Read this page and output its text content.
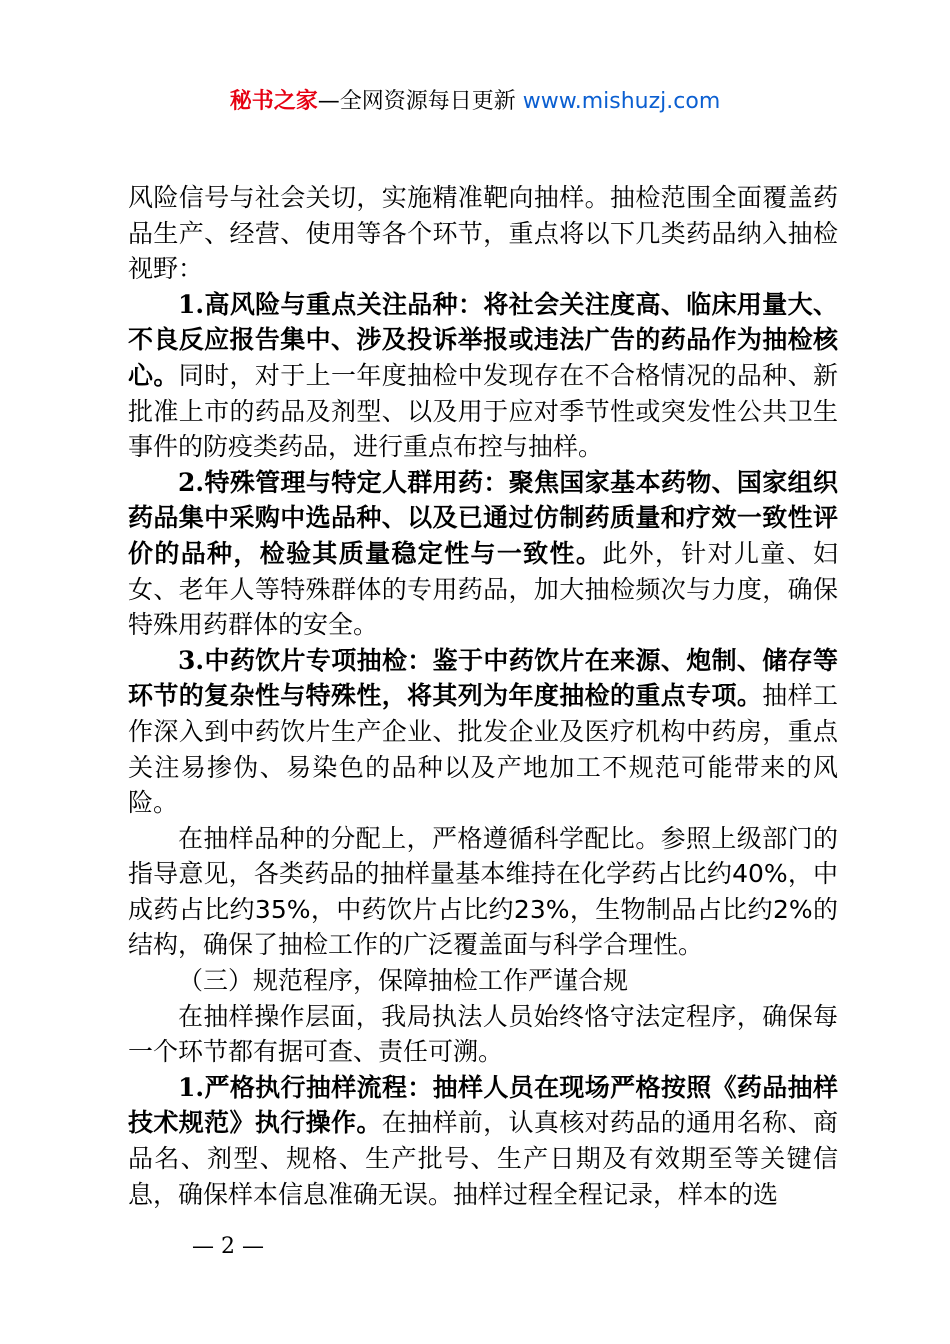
秘书之家—全网资源每日更新 www.mishuzj.com

风险信号与社会关切，实施精准靶向抽样。抽检范围全面覆盖药品生产、经营、使用等各个环节，重点将以下几类药品纳入抽检视野：

1.高风险与重点关注品种：将社会关注度高、临床用量大、不良反应报告集中、涉及投诉举报或违法广告的药品作为抽检核心。同时，对于上一年度抽检中发现存在不合格情况的品种、新批准上市的药品及剂型、以及用于应对季节性或突发性公共卫生事件的防疫类药品，进行重点布控与抽样。

2.特殊管理与特定人群用药：聚焦国家基本药物、国家组织药品集中采购中选品种、以及已通过仿制药质量和疗效一致性评价的品种，检验其质量稳定性与一致性。此外，针对儿童、妇女、老年人等特殊群体的专用药品，加大抽检频次与力度，确保特殊用药群体的安全。

3.中药饮片专项抽检：鉴于中药饮片在来源、炮制、储存等环节的复杂性与特殊性，将其列为年度抽检的重点专项。抽样工作深入到中药饮片生产企业、批发企业及医疗机构中药房，重点关注易掺伪、易染色的品种以及产地加工不规范可能带来的风险。

在抽样品种的分配上，严格遵循科学配比。参照上级部门的指导意见，各类药品的抽样量基本维持在化学药占比约40%，中成药占比约35%，中药饮片占比约23%，生物制品占比约2%的结构，确保了抽检工作的广泛覆盖面与科学合理性。

（三）规范程序，保障抽检工作严谨合规

在抽样操作层面，我局执法人员始终恪守法定程序，确保每一个环节都有据可查、责任可溯。

1.严格执行抽样流程：抽样人员在现场严格按照《药品抽样技术规范》执行操作。在抽样前，认真核对药品的通用名称、商品名、剂型、规格、生产批号、生产日期及有效期至等关键信息，确保样本信息准确无误。抽样过程全程记录，样本的选

— 2 —
